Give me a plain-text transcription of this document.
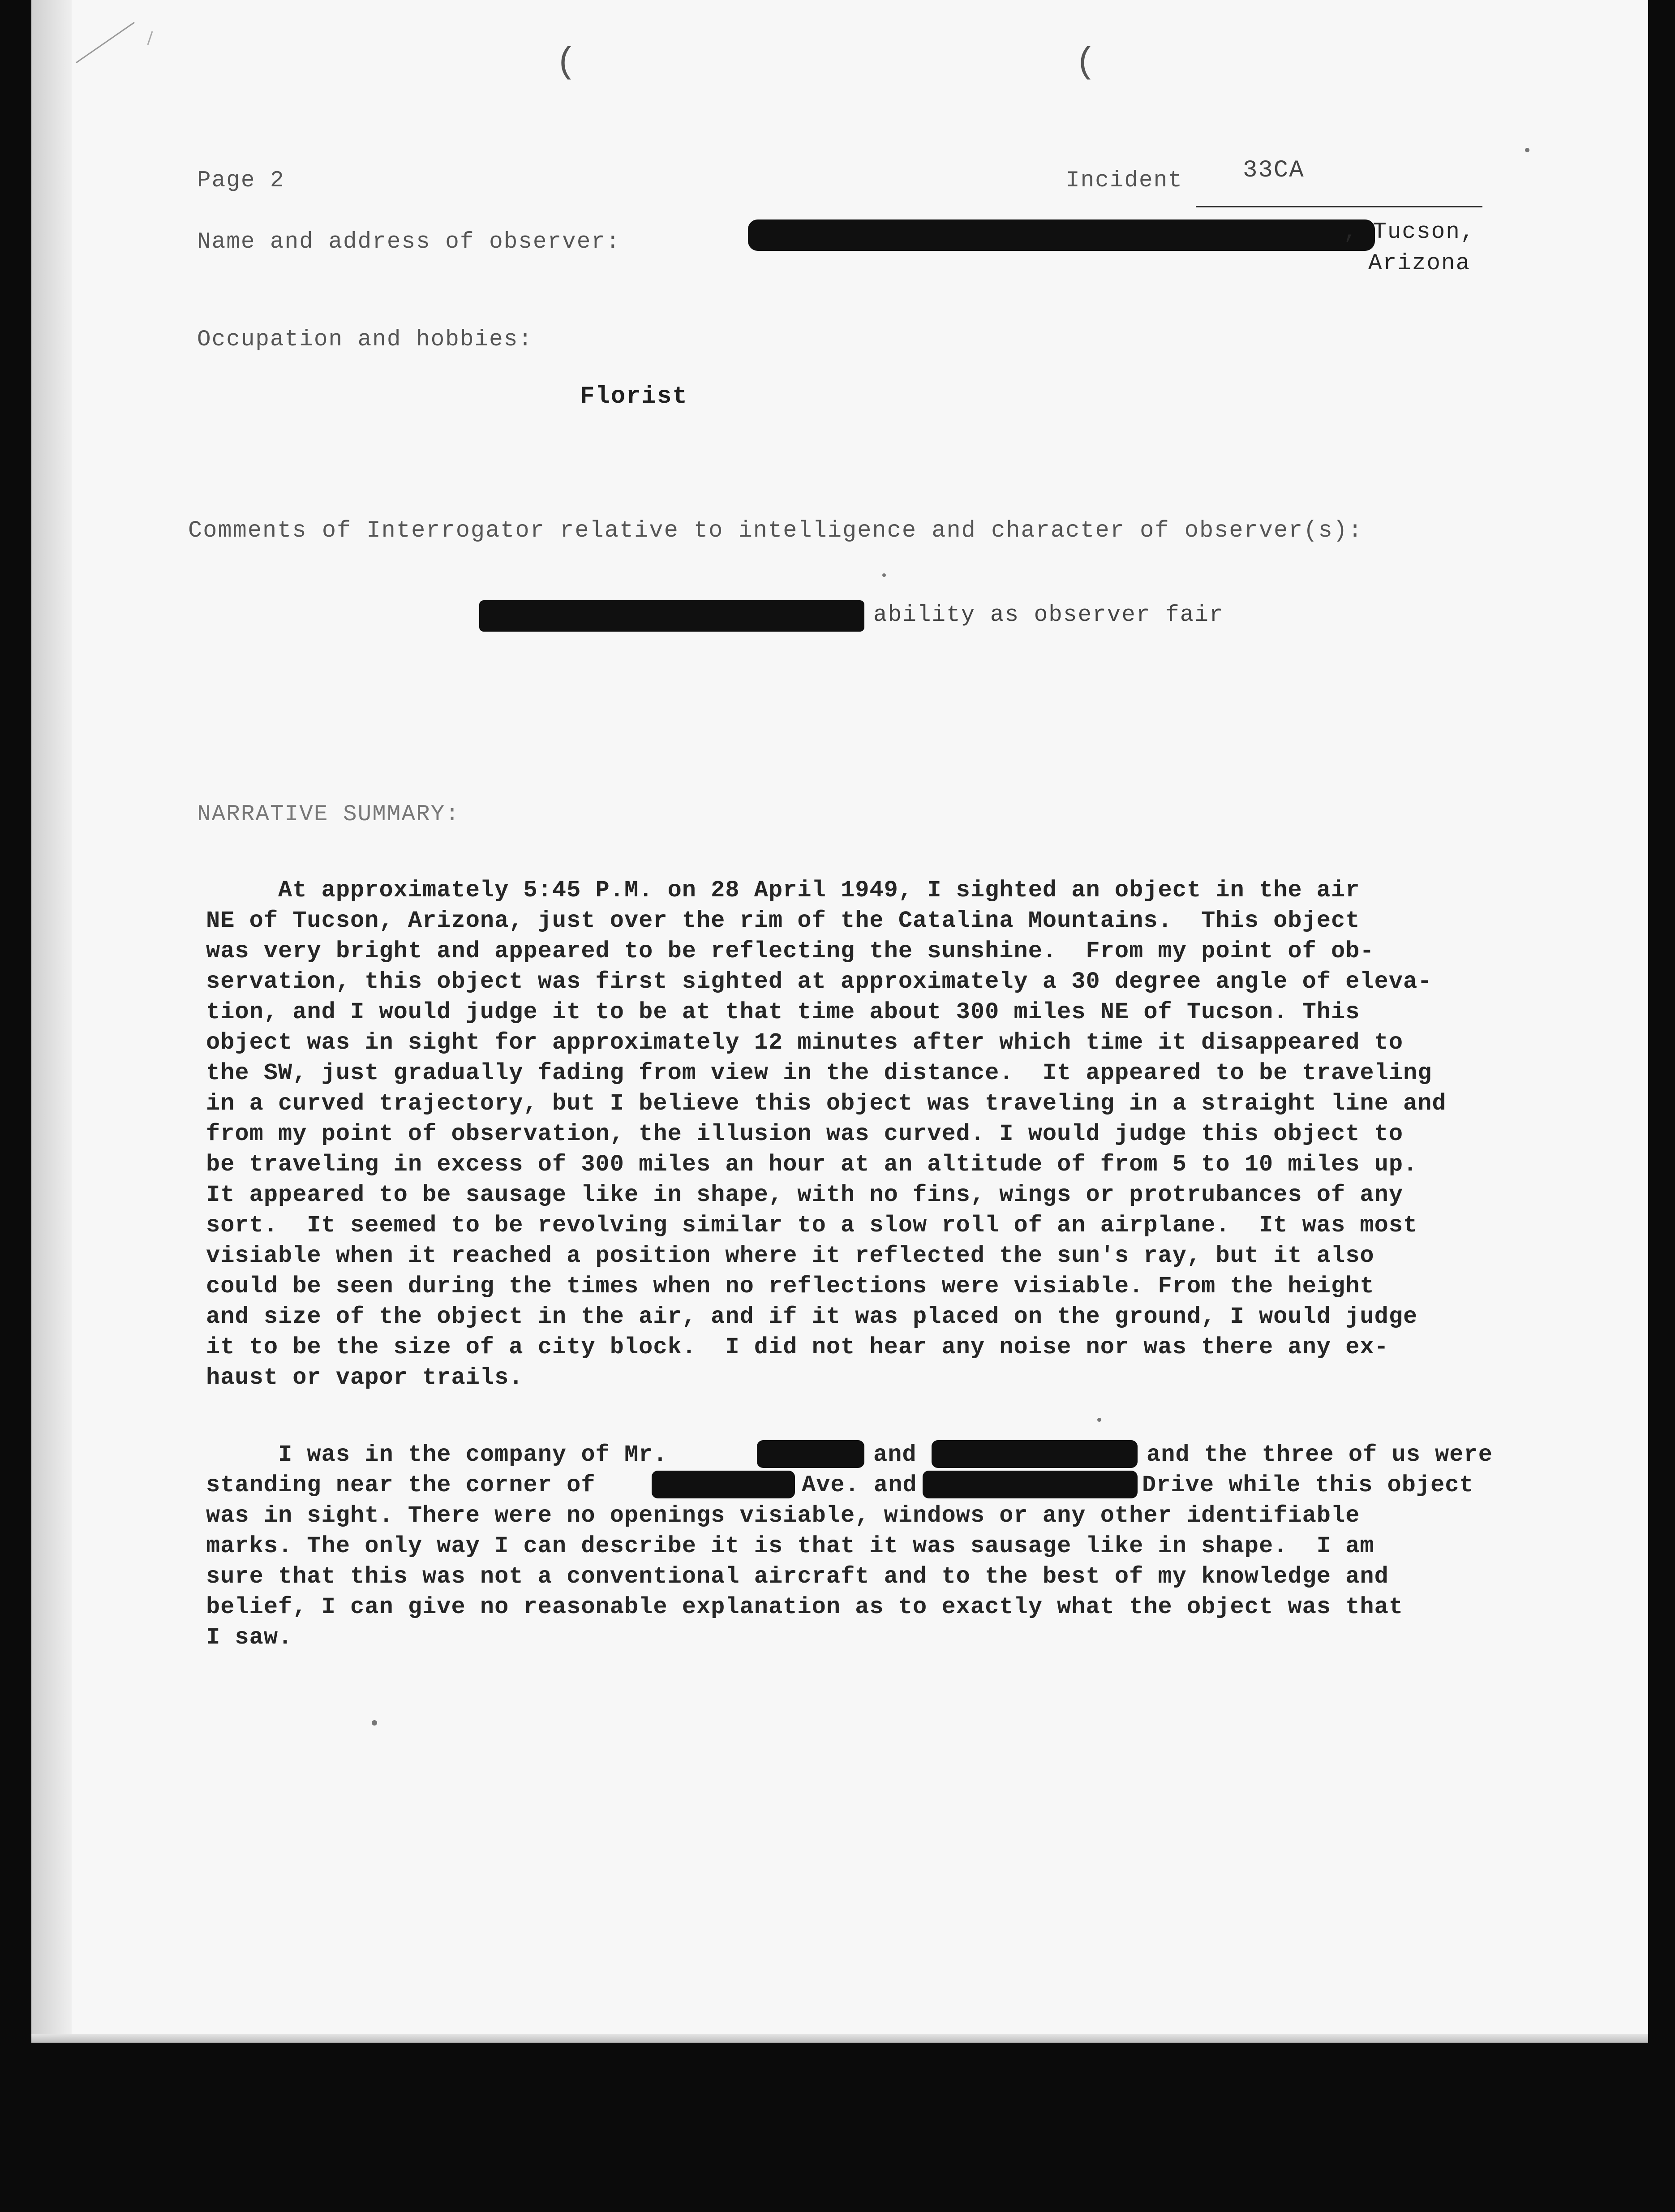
(	(
Page 2	Incident 33CA
Name and address of observer:	, Tucson,
Arizona
Occupation and hobbies:
Florist
Comments of Interrogator relative to intelligence and character of observer(s):
ability as observer fair
NARRATIVE SUMMARY:

At approximately 5:45 P.M. on 28 April 1949, I sighted an object in the air

NE of Tucson, Arizona, just over the rim of the Catalina Mountains.  This object

was very bright and appeared to be reflecting the sunshine.  From my point of ob-

servation, this object was first sighted at approximately a 30 degree angle of eleva-

tion, and I would judge it to be at that time about 300 miles NE of Tucson. This

object was in sight for approximately 12 minutes after which time it disappeared to

the SW, just gradually fading from view in the distance.  It appeared to be traveling

in a curved trajectory, but I believe this object was traveling in a straight line and

from my point of observation, the illusion was curved. I would judge this object to

be traveling in excess of 300 miles an hour at an altitude of from 5 to 10 miles up.

It appeared to be sausage like in shape, with no fins, wings or protrubances of any

sort.  It seemed to be revolving similar to a slow roll of an airplane.  It was most

visiable when it reached a position where it reflected the sun's ray, but it also

could be seen during the times when no reflections were visiable. From the height

and size of the object in the air, and if it was placed on the ground, I would judge

it to be the size of a city block.  I did not hear any noise nor was there any ex-

haust or vapor trails.

I was in the company of Mr.	and	and the three of us were

standing near the corner of	Ave. and	Drive while this object

was in sight. There were no openings visiable, windows or any other identifiable

marks. The only way I can describe it is that it was sausage like in shape.  I am

sure that this was not a conventional aircraft and to the best of my knowledge and

belief, I can give no reasonable explanation as to exactly what the object was that

I saw.
